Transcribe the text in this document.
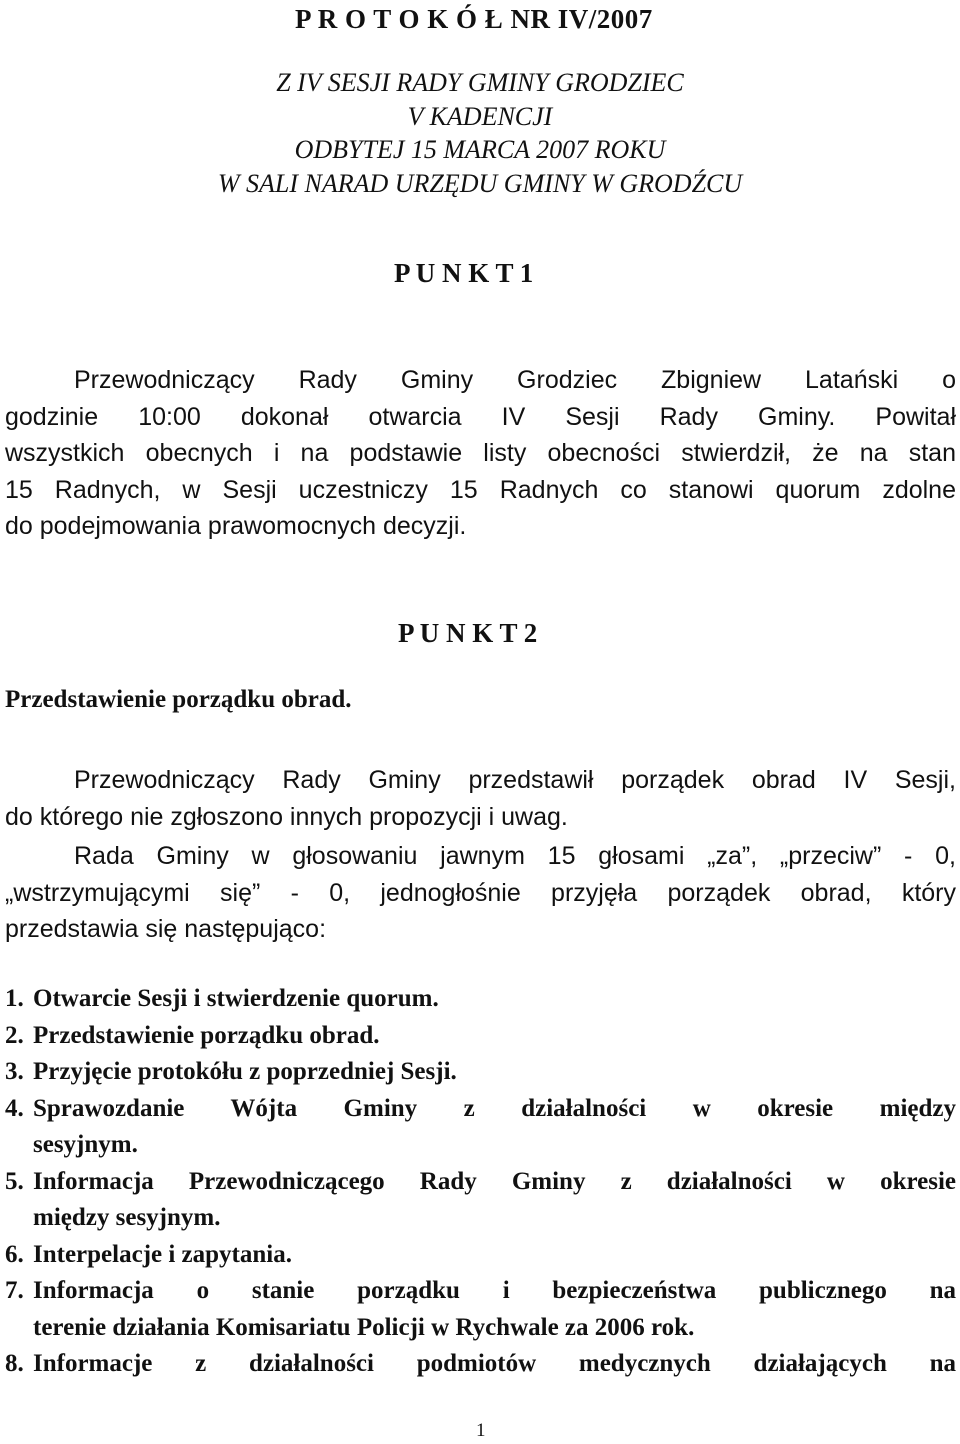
P R O T O K Ó Ł NR IV/2007
Z IV SESJI RADY GMINY GRODZIEC
V KADENCJI
ODBYTEJ 15 MARCA 2007 ROKU
W SALI NARAD URZĘDU GMINY W GRODŹCU
P U N K T 1
Przewodniczący Rady Gminy Grodziec Zbigniew Latański o
godzinie 10:00 dokonał otwarcia IV Sesji Rady Gminy. Powitał
wszystkich obecnych i na podstawie listy obecności stwierdził, że na stan
15 Radnych, w Sesji uczestniczy 15 Radnych co stanowi quorum zdolne
do podejmowania prawomocnych decyzji.
P U N K T 2
Przedstawienie porządku obrad.
Przewodniczący Rady Gminy przedstawił porządek obrad IV Sesji,
do którego nie zgłoszono innych propozycji i uwag.
Rada Gminy w głosowaniu jawnym 15 głosami „za”, „przeciw” - 0,
„wstrzymującymi się” - 0, jednogłośnie przyjęła porządek obrad, który
przedstawia się następująco:
1. Otwarcie Sesji i stwierdzenie quorum.
2. Przedstawienie porządku obrad.
3. Przyjęcie protokółu z poprzedniej Sesji.
4. Sprawozdanie Wójta Gminy z działalności w okresie między
sesyjnym.
5. Informacja Przewodniczącego Rady Gminy z działalności w okresie
między sesyjnym.
6. Interpelacje i zapytania.
7. Informacja o stanie porządku i bezpieczeństwa publicznego na
terenie działania Komisariatu Policji w Rychwale za 2006 rok.
8. Informacje z działalności podmiotów medycznych działających na
1
